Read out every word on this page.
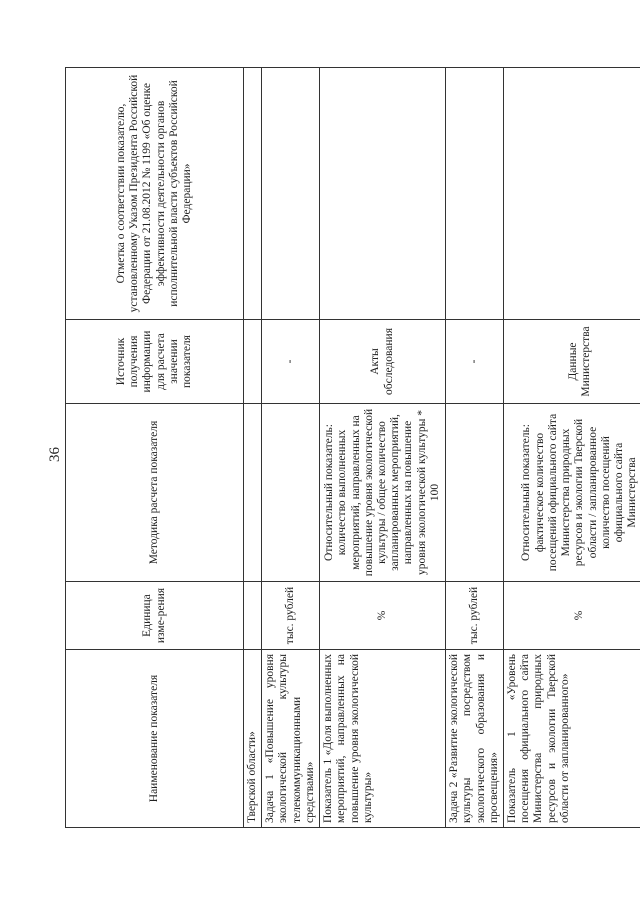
36
Наименование показателя	Единица изме-рения	Методика расчета показателя	Источник получения информации для расчета значении показателя	Отметка о соответствии показателю, установленному Указом Президента Российской Федерации от 21.08.2012 № 1199 «Об оценке эффективности деятельности органов исполнительной власти субъектов Российской Федерации»
Тверской области»				
Задача 1 «Повышение уровня экологической культуры телекоммуникационными средствами»	тыс. рублей		-	
Показатель 1 «Доля выполненных мероприятий, направленных на повышение уровня экологической культуры»	%	Относительный показатель: количество выполненных мероприятий, направленных на повышение уровня экологической культуры / общее количество запланированных мероприятий, направленных на повышение уровня экологической культуры * 100	Акты обследования	
Задача 2 «Развитие экологической культуры посредством экологического образования и просвещения»	тыс. рублей		-	
Показатель 1 «Уровень посещения официального сайта Министерства природных ресурсов и экологии Тверской области от запланированного»	%	Относительный показатель: фактическое количество посещений официального сайта Министерства природных ресурсов и экологии Тверской области / запланированное количество посещений официального сайта Министерства	Данные Министерства	
